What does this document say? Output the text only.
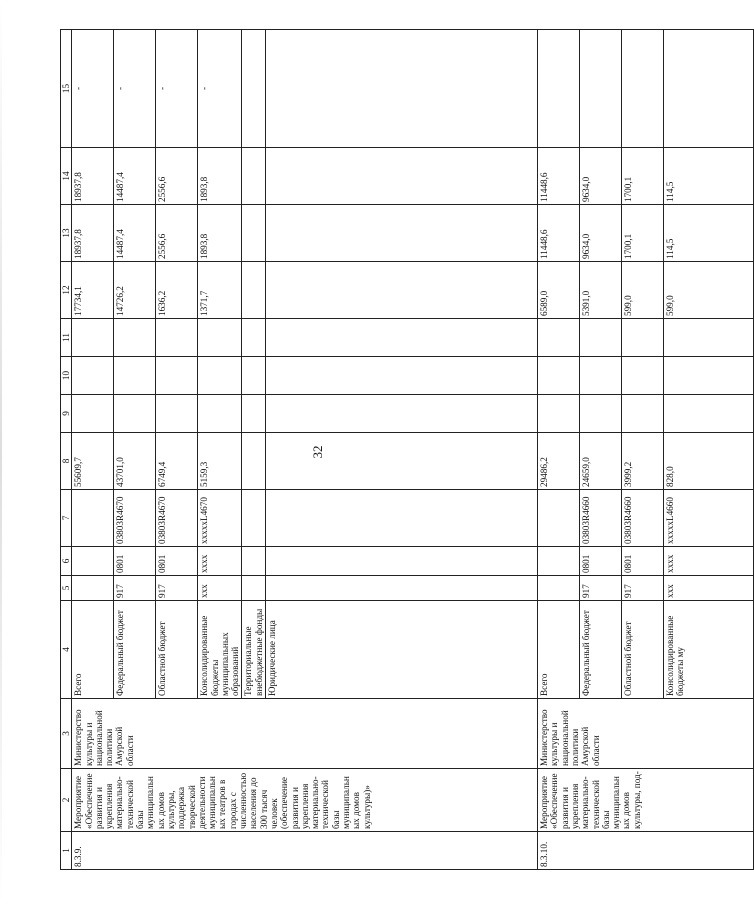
32
1	2	3	4	5	6	7	8	9	10	11	12	13	14	15
8.3.9.	Мероприятие «Обеспечение развития и укрепления материально-технической базы муниципальных домов культуры, поддержка творческой деятельности муниципальных театров в городах с численностью населения до 300 тысяч человек (обеспечение развития и укрепления материально-технической базы муниципальных домов культуры)»	Министерство культуры и национальной политики Амурской области	Всего				55609,7				17734,1	18937,8	18937,8	-
			Федеральный бюджет	917	0801	03803R4670	43701,0				14726,2	14487,4	14487,4	-
			Областной бюджет	917	0801	03803R4670	6749,4				1636,2	2556,6	2556,6	-
			Консолидированные бюджеты муниципальных образований	ххх	хххх	хххххL4670	5159,3				1371,7	1893,8	1893,8	-
			Территориальные внебюджетные фонды											
			Юридические лица											
8.3.10.	Мероприятие «Обеспечение развития и укрепления материально-технической базы муниципальных домов культуры, под-	Министерство культуры и национальной политики Амурской области	Всего				29486,2				6589,0	11448,6	11448,6	
			Федеральный бюджет	917	0801	03803R4660	24659,0				5391,0	9634,0	9634,0	
			Областной бюджет	917	0801	03803R4660	3999,2				599,0	1700,1	1700,1	
			Консолидированные бюджеты му	ххх	хххх	хххххL4660	828,0				599,0	114,5	114,5	
